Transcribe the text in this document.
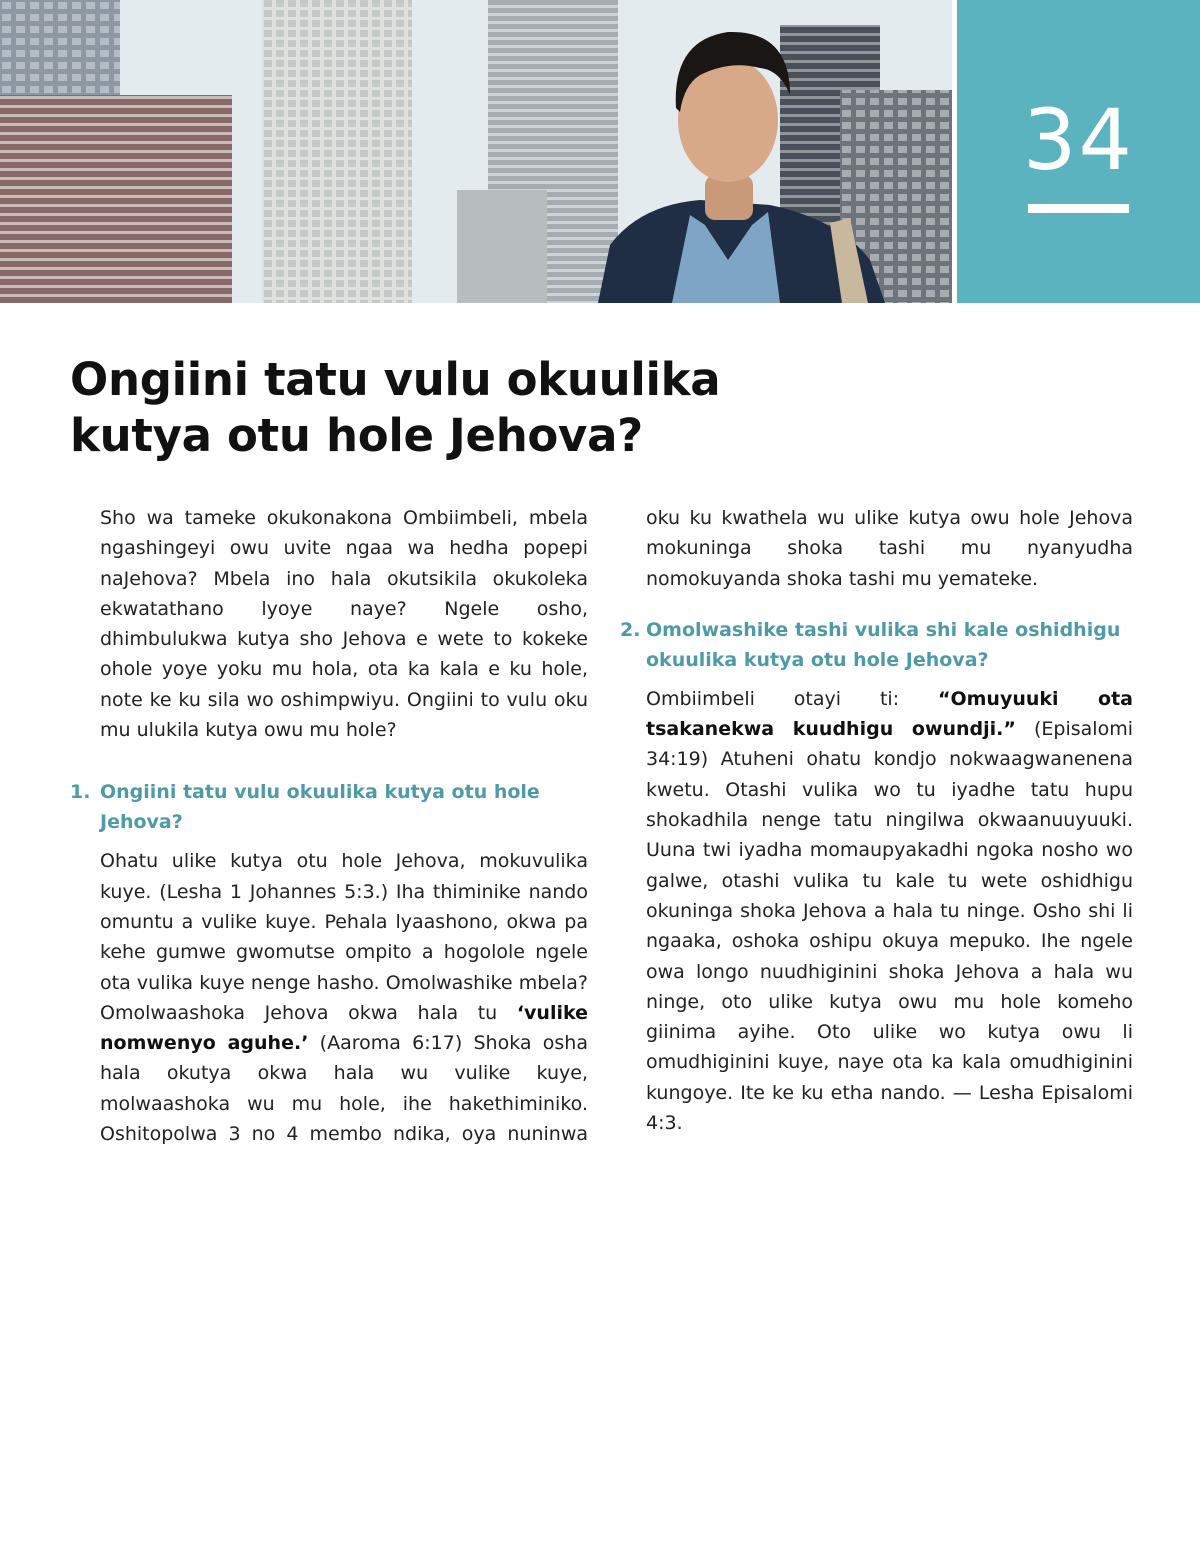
34
Ongiini tatu vulu okuulika
kutya otu hole Jehova?

Sho wa tameke okukonakona Ombiimbeli, mbela ngashingeyi owu uvite ngaa wa hedha popepi naJehova? Mbela ino hala okutsikila okukoleka ekwatathano lyoye naye? Ngele osho, dhimbulukwa kutya sho Jehova e wete to kokeke ohole yoye yoku mu hola, ota ka kala e ku hole, note ke ku sila wo oshimpwiyu. Ongiini to vulu oku mu ulukila kutya owu mu hole?

1. Ongiini tatu vulu okuulika kutya otu hole Jehova?

Ohatu ulike kutya otu hole Jehova, mokuvulika kuye. (Lesha 1 Johannes 5:3.) Iha thiminike nando omuntu a vulike kuye. Pehala lyaashono, okwa pa kehe gumwe gwomutse ompito a hogolole ngele ota vulika kuye nenge hasho. Omolwashike mbela? Omolwaashoka Jehova okwa hala tu ‘vulike nomwenyo aguhe.’ (Aaroma 6:17) Shoka osha hala okutya okwa hala wu vulike kuye, molwaashoka wu mu hole, ihe hakethiminiko. Oshitopolwa 3 no 4 membo ndika, oya nuninwa

oku ku kwathela wu ulike kutya owu hole Jehova mokuninga shoka tashi mu nyanyudha nomokuyanda shoka tashi mu yemateke.

2. Omolwashike tashi vulika shi kale oshidhigu okuulika kutya otu hole Jehova?

Ombiimbeli otayi ti: “Omuyuuki ota tsakanekwa kuudhigu owundji.” (Episalomi 34:19) Atuheni ohatu kondjo nokwaagwanenena kwetu. Otashi vulika wo tu iyadhe tatu hupu shokadhila nenge tatu ningilwa okwaanuuyuuki. Uuna twi iyadha momaupyakadhi ngoka nosho wo galwe, otashi vulika tu kale tu wete oshidhigu okuninga shoka Jehova a hala tu ninge. Osho shi li ngaaka, oshoka oshipu okuya mepuko. Ihe ngele owa longo nuudhiginini shoka Jehova a hala wu ninge, oto ulike kutya owu mu hole komeho giinima ayihe. Oto ulike wo kutya owu li omudhiginini kuye, naye ota ka kala omudhiginini kungoye. Ite ke ku etha nando. — Lesha Episalomi 4:3.
